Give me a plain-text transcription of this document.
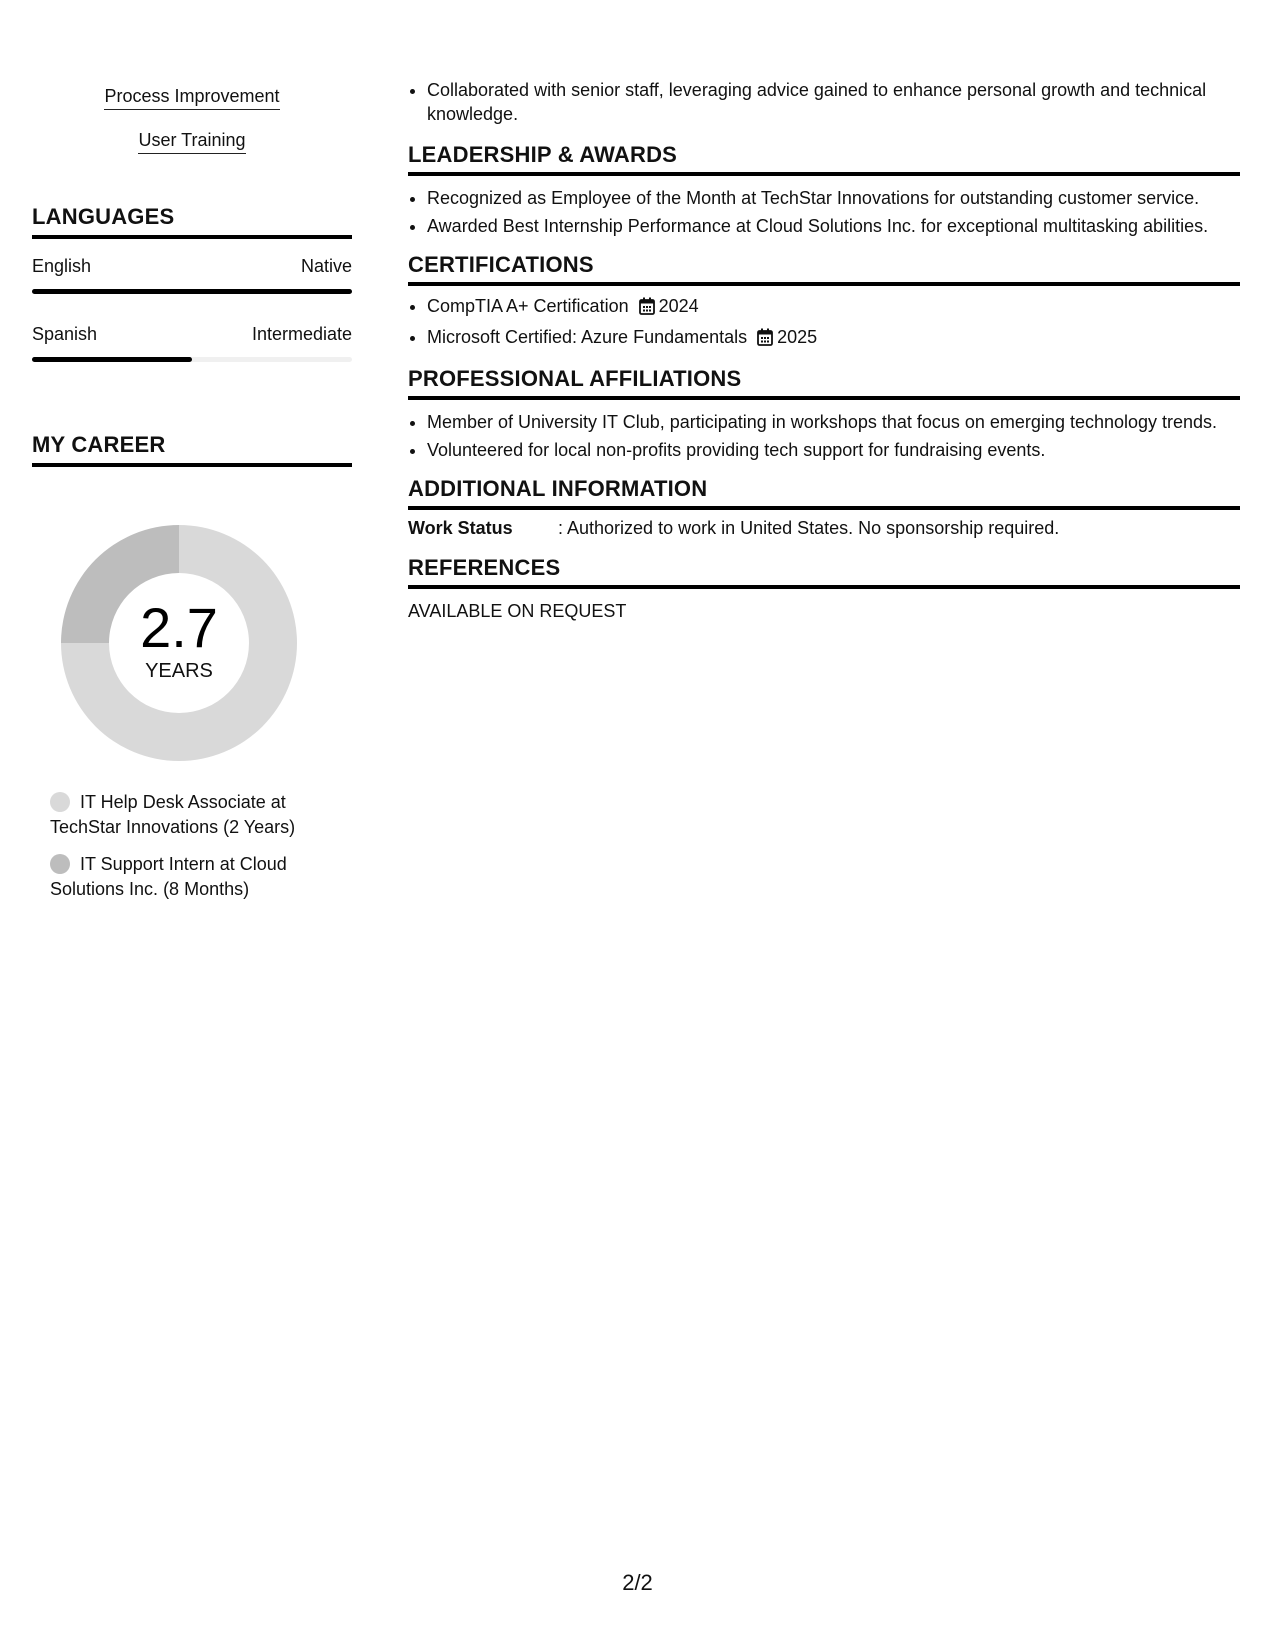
Process Improvement
User Training
LANGUAGES
English	Native
Spanish	Intermediate
MY CAREER
2.7
YEARS
IT Help Desk Associate at TechStar Innovations (2 Years)
IT Support Intern at Cloud Solutions Inc. (8 Months)
• Collaborated with senior staff, leveraging advice gained to enhance personal growth and technical knowledge.
LEADERSHIP & AWARDS
• Recognized as Employee of the Month at TechStar Innovations for outstanding customer service.
• Awarded Best Internship Performance at Cloud Solutions Inc. for exceptional multitasking abilities.
CERTIFICATIONS
• CompTIA A+ Certification 2024
• Microsoft Certified: Azure Fundamentals 2025
PROFESSIONAL AFFILIATIONS
• Member of University IT Club, participating in workshops that focus on emerging technology trends.
• Volunteered for local non-profits providing tech support for fundraising events.
ADDITIONAL INFORMATION
Work Status	: Authorized to work in United States. No sponsorship required.
REFERENCES
AVAILABLE ON REQUEST
2/2
